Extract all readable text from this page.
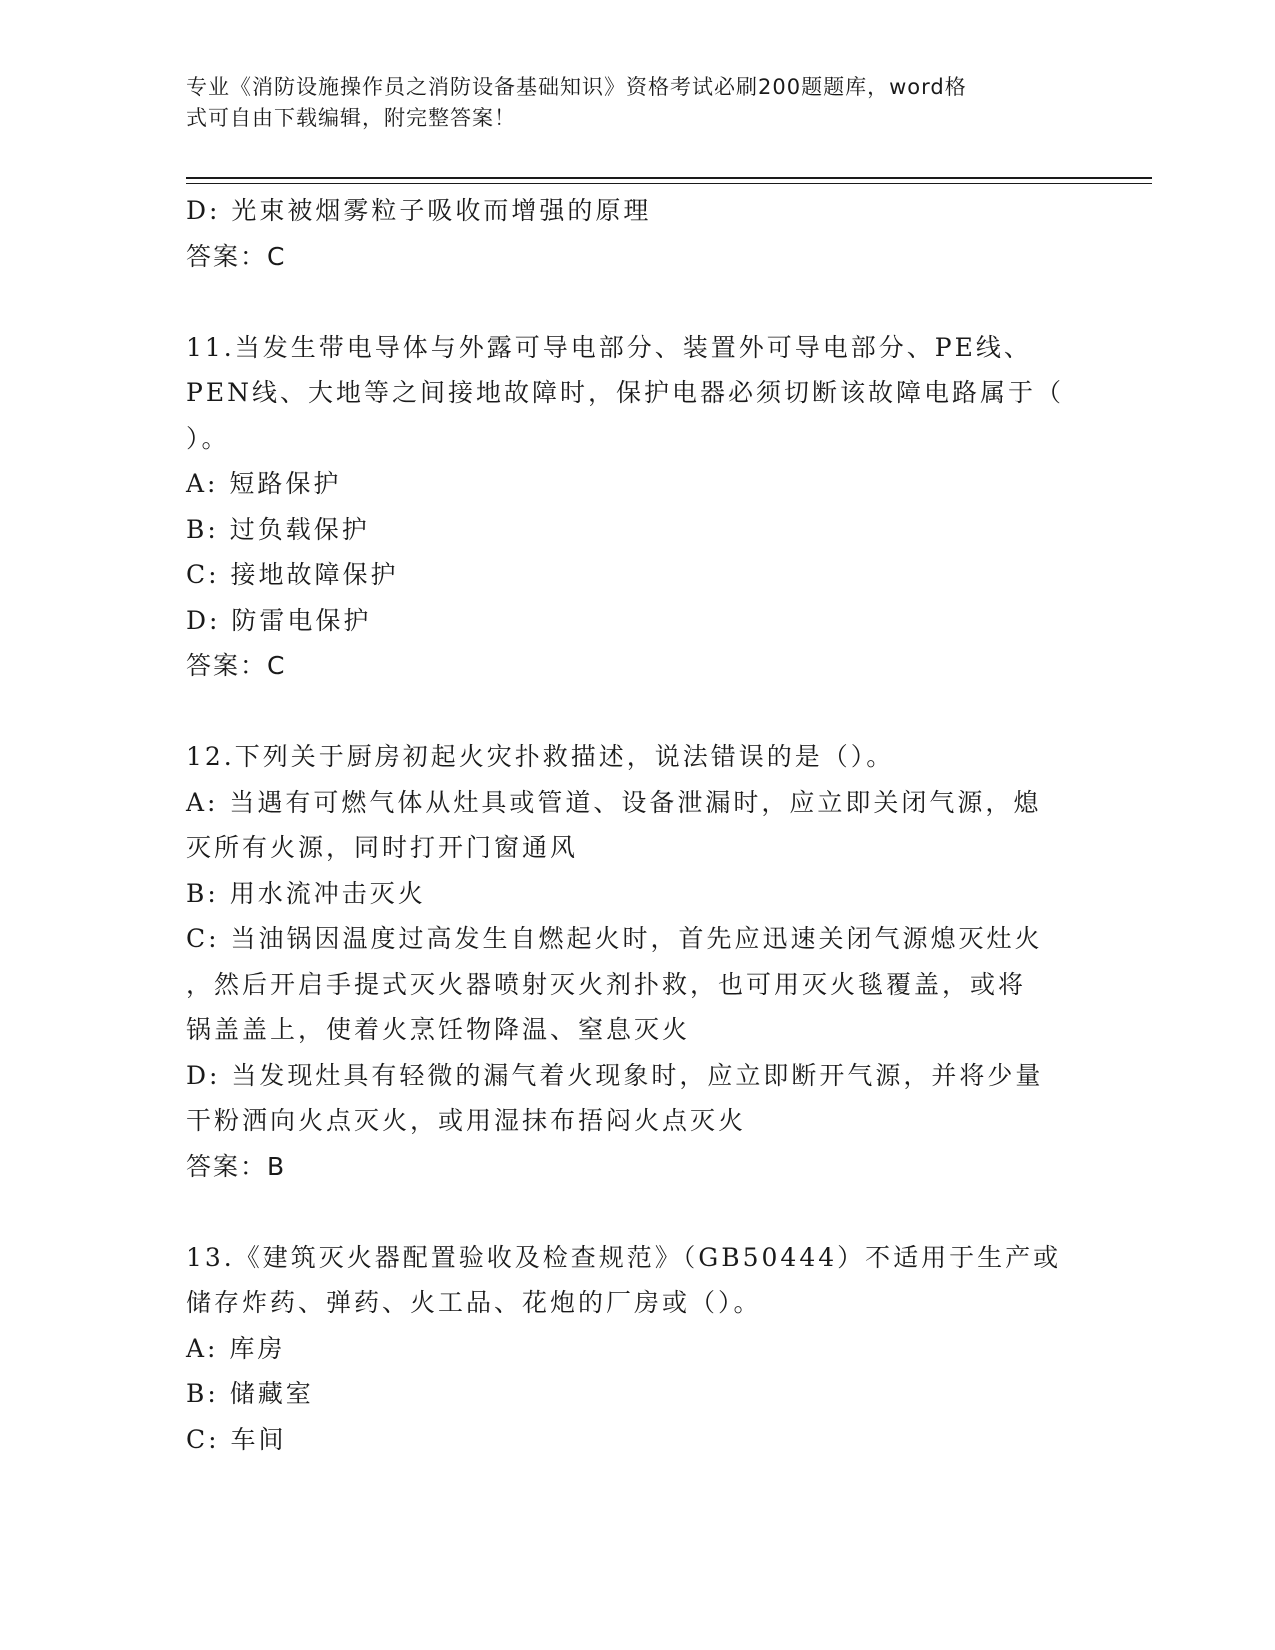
专业《消防设施操作员之消防设备基础知识》资格考试必刷200题题库，word格
式可自由下载编辑，附完整答案！
D: 光束被烟雾粒子吸收而增强的原理
答案：C
11.当发生带电导体与外露可导电部分、装置外可导电部分、PE线、
PEN线、大地等之间接地故障时，保护电器必须切断该故障电路属于（
）。
A: 短路保护
B: 过负载保护
C: 接地故障保护
D: 防雷电保护
答案：C
12.下列关于厨房初起火灾扑救描述，说法错误的是（）。
A: 当遇有可燃气体从灶具或管道、设备泄漏时，应立即关闭气源，熄
灭所有火源，同时打开门窗通风
B: 用水流冲击灭火
C: 当油锅因温度过高发生自燃起火时，首先应迅速关闭气源熄灭灶火
，然后开启手提式灭火器喷射灭火剂扑救，也可用灭火毯覆盖，或将
锅盖盖上，使着火烹饪物降温、窒息灭火
D: 当发现灶具有轻微的漏气着火现象时，应立即断开气源，并将少量
干粉洒向火点灭火，或用湿抹布捂闷火点灭火
答案：B
13.《建筑灭火器配置验收及检查规范》（GB50444）不适用于生产或
储存炸药、弹药、火工品、花炮的厂房或（）。
A: 库房
B: 储藏室
C: 车间
